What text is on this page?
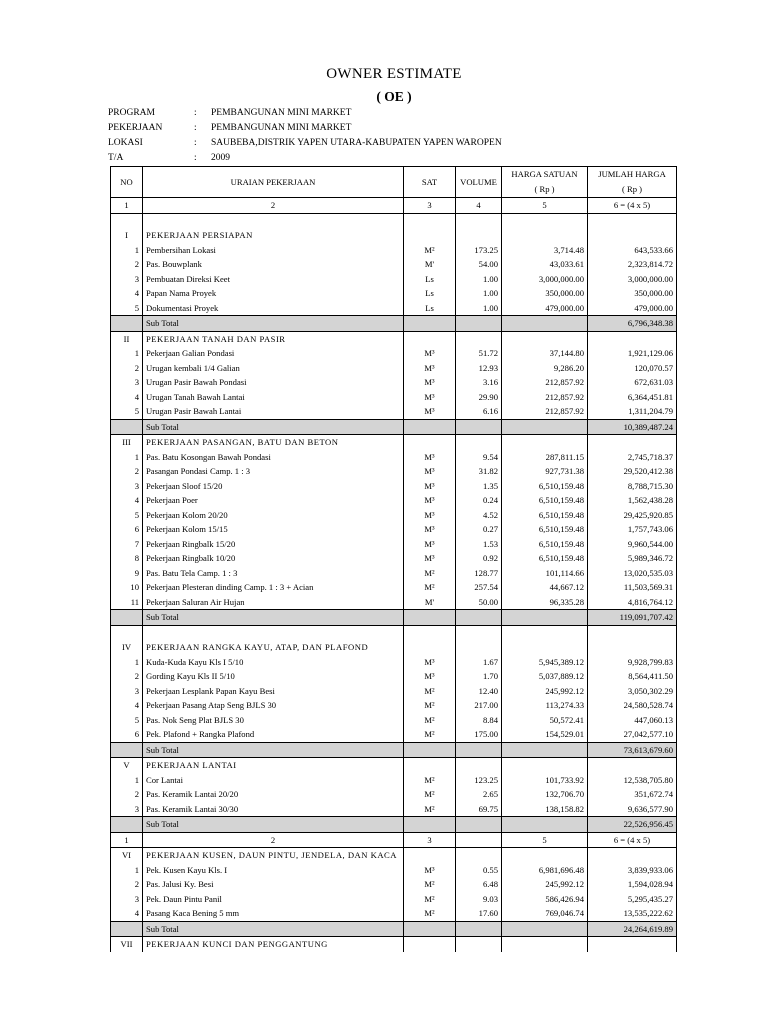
OWNER ESTIMATE
( OE )
PROGRAM	: PEMBANGUNAN MINI MARKET
PEKERJAAN	: PEMBANGUNAN MINI MARKET
LOKASI	: SAUBEBA,DISTRIK YAPEN UTARA-KABUPATEN YAPEN WAROPEN
T/A	: 2009
NO	URAIAN PEKERJAAN	SAT	VOLUME	HARGA SATUAN	JUMLAH HARGA
				( Rp )	( Rp )
1	2	3	4	5	6 = (4 x 5)

I	PEKERJAAN PERSIAPAN				
1	Pembersihan Lokasi	M²	173.25	3,714.48	643,533.66
2	Pas. Bouwplank	M'	54.00	43,033.61	2,323,814.72
3	Pembuatan Direksi Keet	Ls	1.00	3,000,000.00	3,000,000.00
4	Papan Nama Proyek	Ls	1.00	350,000.00	350,000.00
5	Dokumentasi Proyek	Ls	1.00	479,000.00	479,000.00
	Sub Total				6,796,348.38
II	PEKERJAAN TANAH DAN PASIR				
1	Pekerjaan Galian Pondasi	M³	51.72	37,144.80	1,921,129.06
2	Urugan kembali 1/4 Galian	M³	12.93	9,286.20	120,070.57
3	Urugan Pasir Bawah Pondasi	M³	3.16	212,857.92	672,631.03
4	Urugan Tanah Bawah Lantai	M³	29.90	212,857.92	6,364,451.81
5	Urugan Pasir Bawah Lantai	M³	6.16	212,857.92	1,311,204.79
	Sub Total				10,389,487.24
III	PEKERJAAN PASANGAN, BATU DAN BETON				
1	Pas. Batu Kosongan Bawah Pondasi	M³	9.54	287,811.15	2,745,718.37
2	Pasangan Pondasi Camp. 1 : 3	M³	31.82	927,731.38	29,520,412.38
3	Pekerjaan Sloof 15/20	M³	1.35	6,510,159.48	8,788,715.30
4	Pekerjaan Poer	M³	0.24	6,510,159.48	1,562,438.28
5	Pekerjaan Kolom 20/20	M³	4.52	6,510,159.48	29,425,920.85
6	Pekerjaan Kolom 15/15	M³	0.27	6,510,159.48	1,757,743.06
7	Pekerjaan Ringbalk 15/20	M³	1.53	6,510,159.48	9,960,544.00
8	Pekerjaan Ringbalk 10/20	M³	0.92	6,510,159.48	5,989,346.72
9	Pas. Batu Tela Camp. 1 : 3	M²	128.77	101,114.66	13,020,535.03
10	Pekerjaan Plesteran dinding Camp. 1 : 3 + Acian	M²	257.54	44,667.12	11,503,569.31
11	Pekerjaan Saluran Air Hujan	M'	50.00	96,335.28	4,816,764.12
	Sub Total				119,091,707.42

IV	PEKERJAAN RANGKA KAYU, ATAP, DAN PLAFOND				
1	Kuda-Kuda Kayu Kls I 5/10	M³	1.67	5,945,389.12	9,928,799.83
2	Gording Kayu Kls II 5/10	M³	1.70	5,037,889.12	8,564,411.50
3	Pekerjaan Lesplank Papan Kayu Besi	M²	12.40	245,992.12	3,050,302.29
4	Pekerjaan Pasang Atap Seng BJLS 30	M²	217.00	113,274.33	24,580,528.74
5	Pas. Nok Seng Plat BJLS 30	M²	8.84	50,572.41	447,060.13
6	Pek. Plafond + Rangka Plafond	M²	175.00	154,529.01	27,042,577.10
	Sub Total				73,613,679.60
V	PEKERJAAN LANTAI				
1	Cor Lantai	M²	123.25	101,733.92	12,538,705.80
2	Pas. Keramik Lantai 20/20	M²	2.65	132,706.70	351,672.74
3	Pas. Keramik Lantai 30/30	M²	69.75	138,158.82	9,636,577.90
	Sub Total				22,526,956.45
1	2	3		5	6 = (4 x 5)
VI	PEKERJAAN KUSEN, DAUN PINTU, JENDELA, DAN KACA				
1	Pek. Kusen Kayu Kls. I	M³	0.55	6,981,696.48	3,839,933.06
2	Pas. Jalusi Ky. Besi	M²	6.48	245,992.12	1,594,028.94
3	Pek. Daun Pintu Panil	M²	9.03	586,426.94	5,295,435.27
4	Pasang Kaca Bening 5 mm	M²	17.60	769,046.74	13,535,222.62
	Sub Total				24,264,619.89
VII	PEKERJAAN KUNCI DAN PENGGANTUNG				
